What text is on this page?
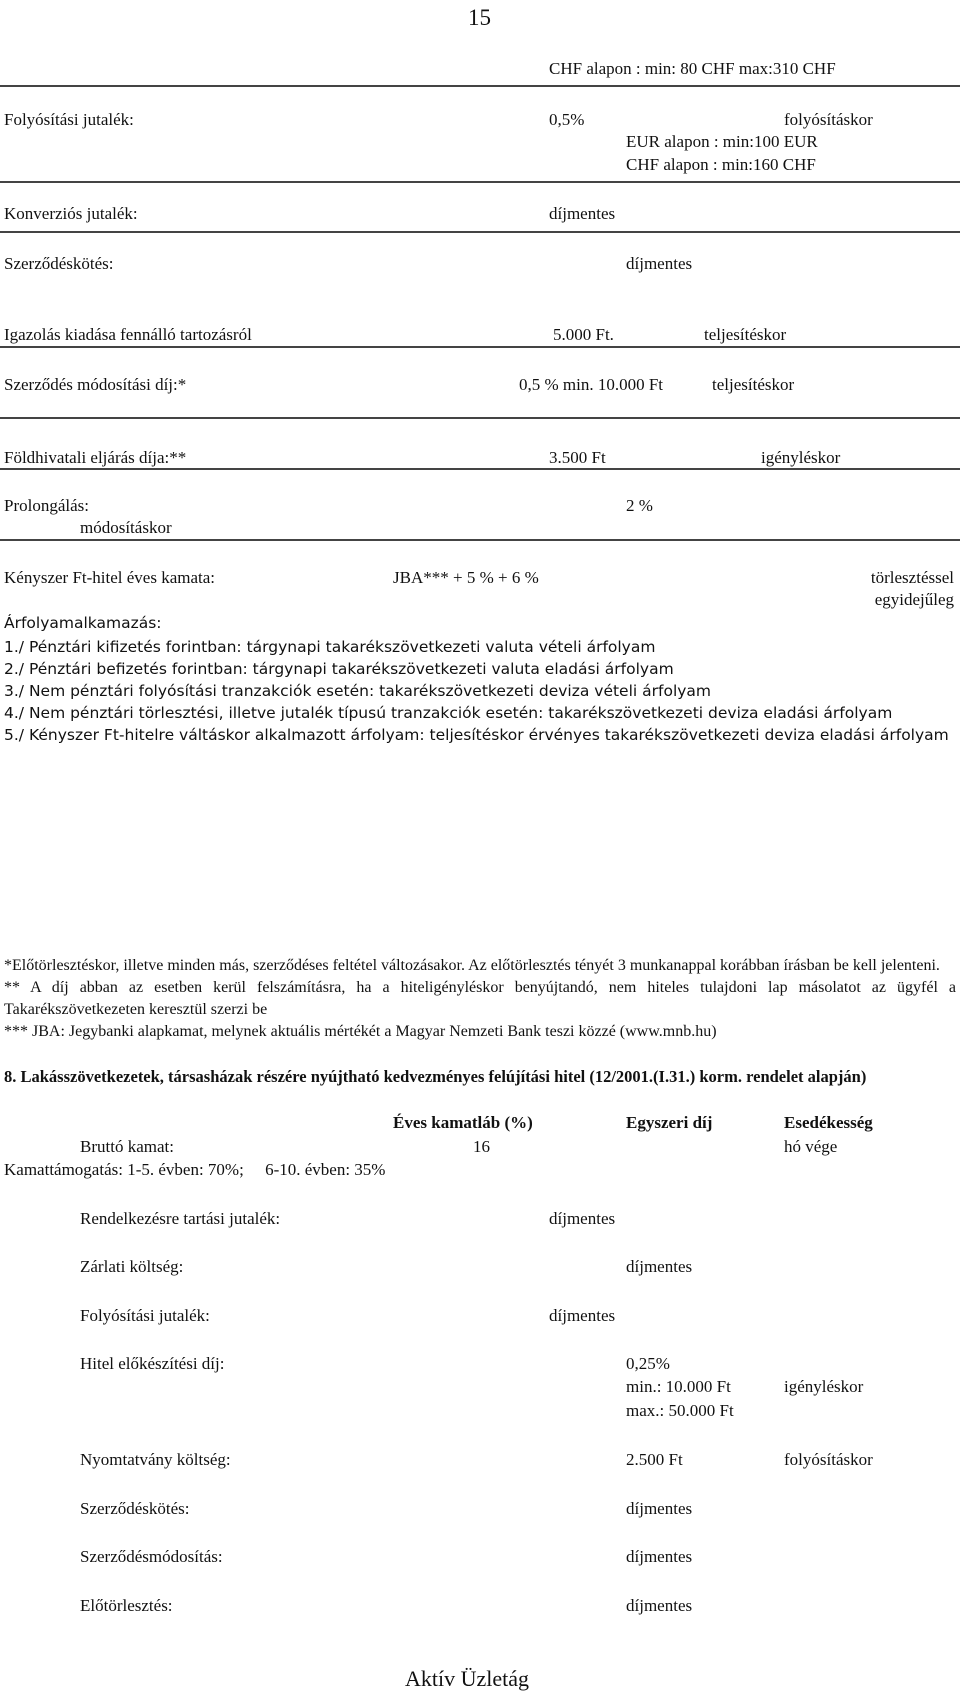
15
CHF alapon : min: 80 CHF max:310 CHF
Folyósítási jutalék:	0,5%	folyósításkor
EUR alapon : min:100 EUR
CHF alapon : min:160 CHF
Konverziós jutalék:	díjmentes
Szerződéskötés:	díjmentes
Igazolás kiadása fennálló tartozásról	5.000 Ft.	teljesítéskor
Szerződés módosítási díj:*	0,5 % min. 10.000 Ft	teljesítéskor
Földhivatali eljárás díja:**	3.500 Ft	igényléskor
Prolongálás:	2 %
módosításkor
Kényszer Ft-hitel éves kamata:	JBA*** + 5 % + 6 %	törlesztéssel
egyidejűleg
Árfolyamalkamazás:
1./ Pénztári kifizetés forintban: tárgynapi takarékszövetkezeti valuta vételi árfolyam
2./ Pénztári befizetés forintban: tárgynapi takarékszövetkezeti valuta eladási árfolyam
3./ Nem pénztári folyósítási tranzakciók esetén: takarékszövetkezeti deviza vételi árfolyam
4./ Nem pénztári törlesztési, illetve jutalék típusú tranzakciók esetén: takarékszövetkezeti deviza eladási árfolyam
5./ Kényszer Ft-hitelre váltáskor alkalmazott árfolyam: teljesítéskor érvényes takarékszövetkezeti deviza eladási árfolyam
*Előtörlesztéskor, illetve minden más, szerződéses feltétel változásakor. Az előtörlesztés tényét 3 munkanappal korábban írásban be kell jelenteni.
** A díj abban az esetben kerül felszámításra, ha a hiteligényléskor benyújtandó, nem hiteles tulajdoni lap másolatot az ügyfél a Takarékszövetkezeten keresztül szerzi be
*** JBA: Jegybanki alapkamat, melynek aktuális mértékét a Magyar Nemzeti Bank teszi közzé (www.mnb.hu)
8. Lakásszövetkezetek, társasházak részére nyújtható kedvezményes felújítási hitel (12/2001.(I.31.) korm. rendelet alapján)
Éves kamatláb (%)	Egyszeri díj	Esedékesség
Bruttó kamat:	16	hó vége
Kamattámogatás: 1-5. évben: 70%;     6-10. évben: 35%
Rendelkezésre tartási jutalék:	díjmentes
Zárlati költség:	díjmentes
Folyósítási jutalék:	díjmentes
Hitel előkészítési díj:	0,25%
min.: 10.000 Ft	igényléskor
max.: 50.000 Ft
Nyomtatvány költség:	2.500 Ft	folyósításkor
Szerződéskötés:	díjmentes
Szerződésmódosítás:	díjmentes
Előtörlesztés:	díjmentes
Aktív Üzletág
